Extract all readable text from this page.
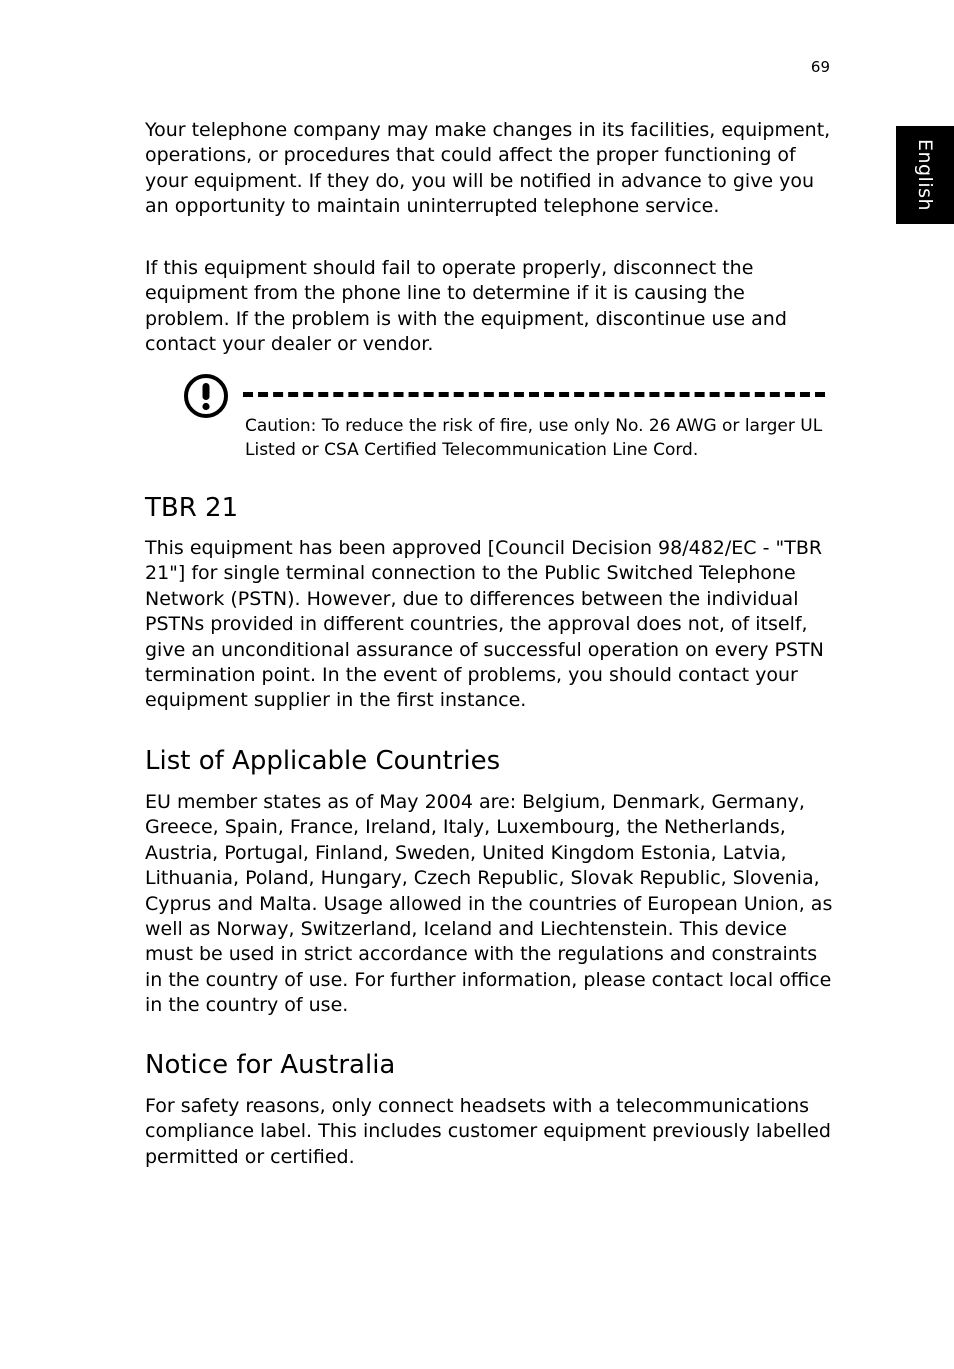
69
English

Your telephone company may make changes in its facilities, equipment, operations, or procedures that could affect the proper functioning of your equipment. If they do, you will be notified in advance to give you an opportunity to maintain uninterrupted telephone service.

If this equipment should fail to operate properly, disconnect the equipment from the phone line to determine if it is causing the problem. If the problem is with the equipment, discontinue use and contact your dealer or vendor.

Caution: To reduce the risk of fire, use only No. 26 AWG or larger UL Listed or CSA Certified Telecommunication Line Cord.
TBR 21

This equipment has been approved [Council Decision 98/482/EC - "TBR 21"] for single terminal connection to the Public Switched Telephone Network (PSTN). However, due to differences between the individual PSTNs provided in different countries, the approval does not, of itself, give an unconditional assurance of successful operation on every PSTN termination point. In the event of problems, you should contact your equipment supplier in the first instance.

List of Applicable Countries

EU member states as of May 2004 are: Belgium, Denmark, Germany, Greece, Spain, France, Ireland, Italy, Luxembourg, the Netherlands, Austria, Portugal, Finland, Sweden, United Kingdom Estonia, Latvia, Lithuania, Poland, Hungary, Czech Republic, Slovak Republic, Slovenia, Cyprus and Malta. Usage allowed in the countries of European Union, as well as Norway, Switzerland, Iceland and Liechtenstein. This device must be used in strict accordance with the regulations and constraints in the country of use. For further information, please contact local office in the country of use.

Notice for Australia

For safety reasons, only connect headsets with a telecommunications compliance label. This includes customer equipment previously labelled permitted or certified.
